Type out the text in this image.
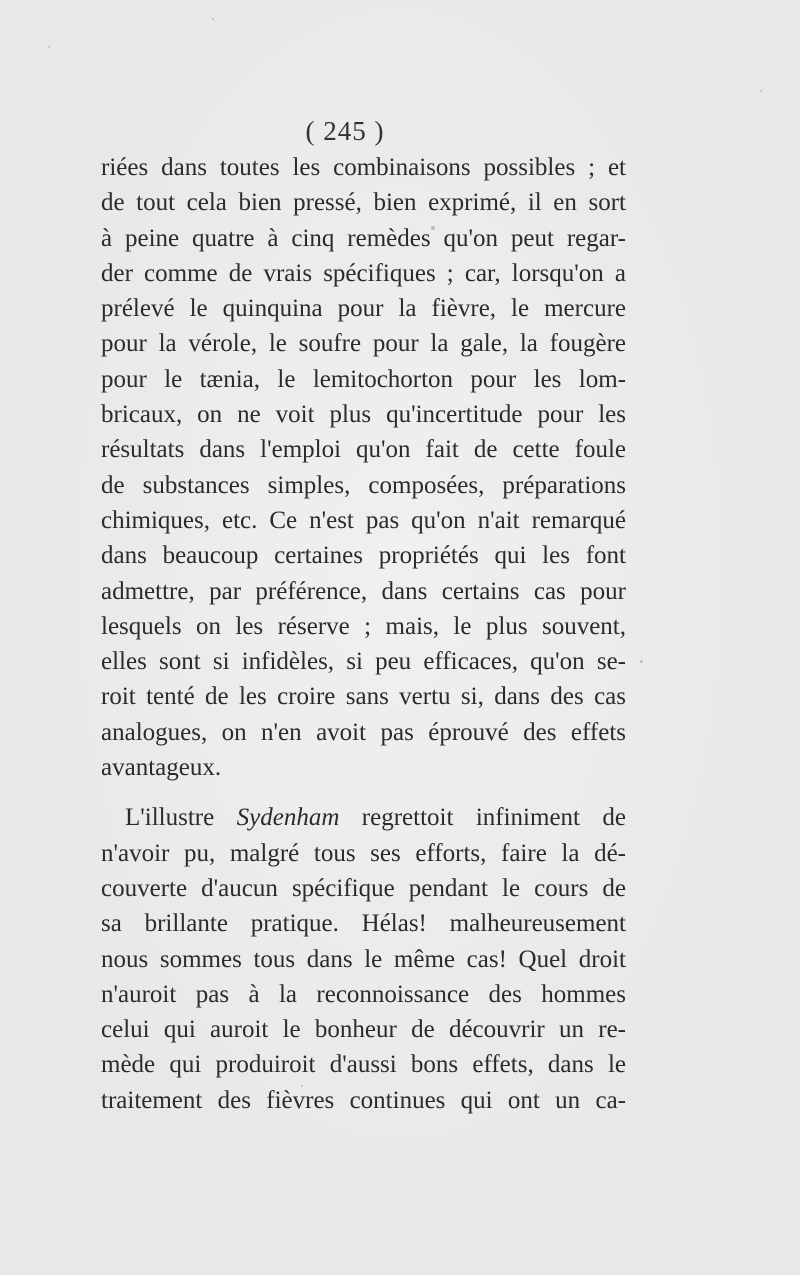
( 245 )
riées dans toutes les combinaisons possibles ; et
de tout cela bien pressé, bien exprimé, il en sort
à peine quatre à cinq remèdes qu'on peut regar-
der comme de vrais spécifiques ; car, lorsqu'on a
prélevé le quinquina pour la fièvre, le mercure
pour la vérole, le soufre pour la gale, la fougère
pour le tænia, le lemitochorton pour les lom-
bricaux, on ne voit plus qu'incertitude pour les
résultats dans l'emploi qu'on fait de cette foule
de substances simples, composées, préparations
chimiques, etc. Ce n'est pas qu'on n'ait remarqué
dans beaucoup certaines propriétés qui les font
admettre, par préférence, dans certains cas pour
lesquels on les réserve ; mais, le plus souvent,
elles sont si infidèles, si peu efficaces, qu'on se-
roit tenté de les croire sans vertu si, dans des cas
analogues, on n'en avoit pas éprouvé des effets
avantageux.
L'illustre Sydenham regrettoit infiniment de
n'avoir pu, malgré tous ses efforts, faire la dé-
couverte d'aucun spécifique pendant le cours de
sa brillante pratique. Hélas! malheureusement
nous sommes tous dans le même cas! Quel droit
n'auroit pas à la reconnoissance des hommes
celui qui auroit le bonheur de découvrir un re-
mède qui produiroit d'aussi bons effets, dans le
traitement des fièvres continues qui ont un ca-
